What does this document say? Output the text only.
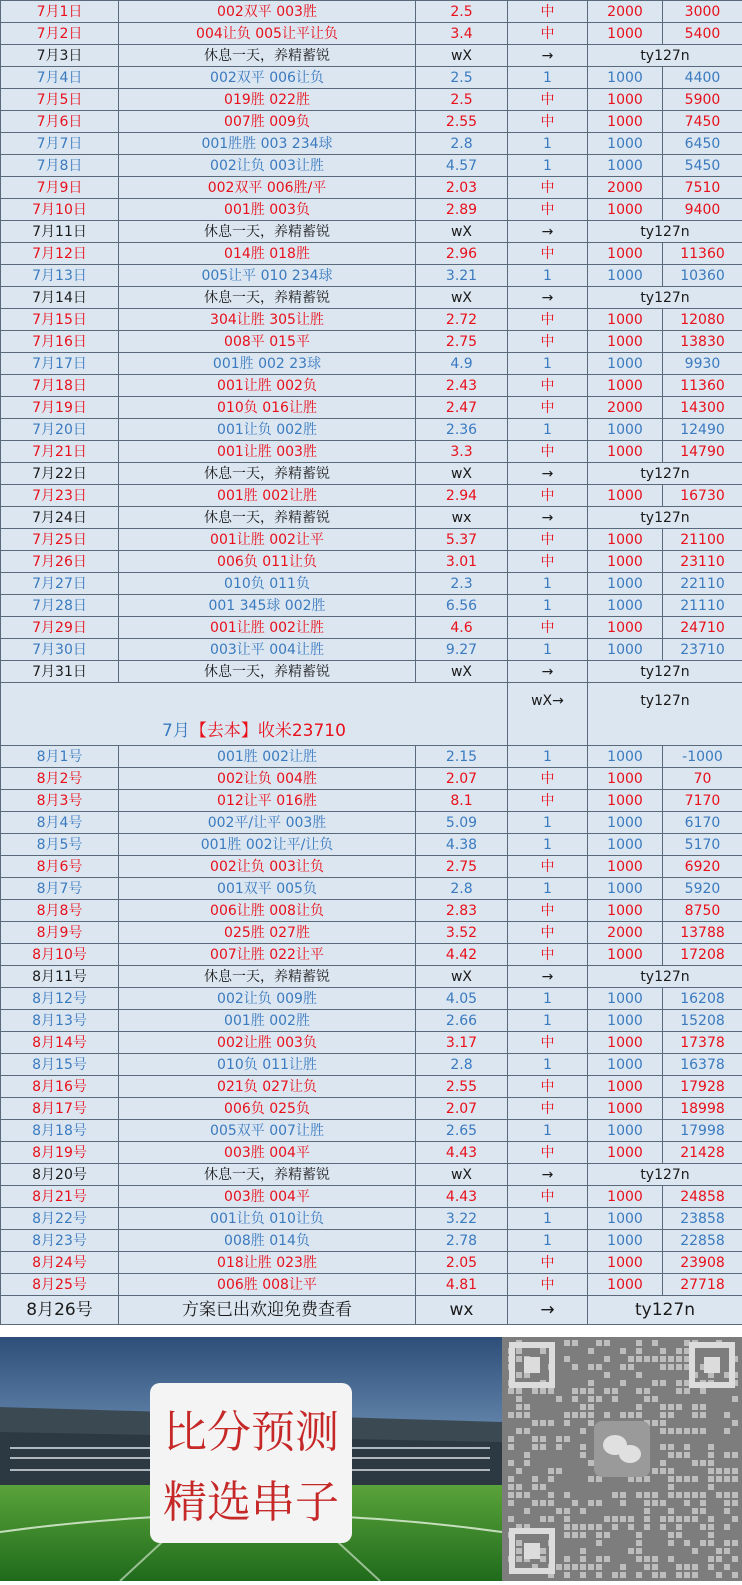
7月1日	002双平 003胜	2.5	中	2000	3000
7月2日	004让负 005让平让负	3.4	中	1000	5400
7月3日	休息一天，养精蓄锐	wX	→	ty127n	
7月4日	002双平 006让负	2.5	1	1000	4400
7月5日	019胜 022胜	2.5	中	1000	5900
7月6日	007胜 009负	2.55	中	1000	7450
7月7日	001胜胜 003 234球	2.8	1	1000	6450
7月8日	002让负 003让胜	4.57	1	1000	5450
7月9日	002双平 006胜/平	2.03	中	2000	7510
7月10日	001胜 003负	2.89	中	1000	9400
7月11日	休息一天，养精蓄锐	wX	→	ty127n	
7月12日	014胜 018胜	2.96	中	1000	11360
7月13日	005让平 010 234球	3.21	1	1000	10360
7月14日	休息一天，养精蓄锐	wX	→	ty127n	
7月15日	304让胜 305让胜	2.72	中	1000	12080
7月16日	008平 015平	2.75	中	1000	13830
7月17日	001胜 002 23球	4.9	1	1000	9930
7月18日	001让胜 002负	2.43	中	1000	11360
7月19日	010负 016让胜	2.47	中	2000	14300
7月20日	001让负 002胜	2.36	1	1000	12490
7月21日	001让胜 003胜	3.3	中	1000	14790
7月22日	休息一天，养精蓄锐	wX	→	ty127n	
7月23日	001胜 002让胜	2.94	中	1000	16730
7月24日	休息一天，养精蓄锐	wx	→	ty127n	
7月25日	001让胜 002让平	5.37	中	1000	21100
7月26日	006负 011让负	3.01	中	1000	23110
7月27日	010负 011负	2.3	1	1000	22110
7月28日	001 345球 002胜	6.56	1	1000	21110
7月29日	001让胜 002让胜	4.6	中	1000	24710
7月30日	003让平 004让胜	9.27	1	1000	23710
7月31日	休息一天，养精蓄锐	wX	→	ty127n	
7月【去本】收米23710			wX→	ty127n	
8月1号	001胜 002让胜	2.15	1	1000	-1000
8月2号	002让负 004胜	2.07	中	1000	70
8月3号	012让平 016胜	8.1	中	1000	7170
8月4号	002平/让平 003胜	5.09	1	1000	6170
8月5号	001胜 002让平/让负	4.38	1	1000	5170
8月6号	002让负 003让负	2.75	中	1000	6920
8月7号	001双平 005负	2.8	1	1000	5920
8月8号	006让胜 008让负	2.83	中	1000	8750
8月9号	025胜 027胜	3.52	中	2000	13788
8月10号	007让胜 022让平	4.42	中	1000	17208
8月11号	休息一天，养精蓄锐	wX	→	ty127n	
8月12号	002让负 009胜	4.05	1	1000	16208
8月13号	001胜 002胜	2.66	1	1000	15208
8月14号	002让胜 003负	3.17	中	1000	17378
8月15号	010负 011让胜	2.8	1	1000	16378
8月16号	021负 027让负	2.55	中	1000	17928
8月17号	006负 025负	2.07	中	1000	18998
8月18号	005双平 007让胜	2.65	1	1000	17998
8月19号	003胜 004平	4.43	中	1000	21428
8月20号	休息一天，养精蓄锐	wX	→	ty127n	
8月21号	003胜 004平	4.43	中	1000	24858
8月22号	001让负 010让负	3.22	1	1000	23858
8月23号	008胜 014负	2.78	1	1000	22858
8月24号	018让胜 023胜	2.05	中	1000	23908
8月25号	006胜 008让平	4.81	中	1000	27718
8月26号	方案已出欢迎免费查看	wx	→	ty127n	
比分预测
精选串子
